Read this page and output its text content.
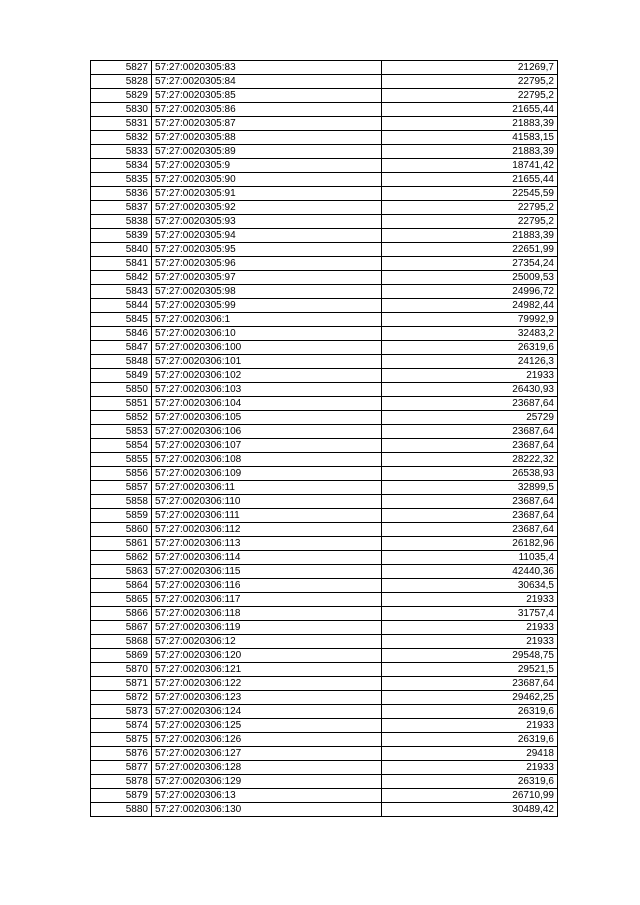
5827	57:27:0020305:83	21269,7
5828	57:27:0020305:84	22795,2
5829	57:27:0020305:85	22795,2
5830	57:27:0020305:86	21655,44
5831	57:27:0020305:87	21883,39
5832	57:27:0020305:88	41583,15
5833	57:27:0020305:89	21883,39
5834	57:27:0020305:9	18741,42
5835	57:27:0020305:90	21655,44
5836	57:27:0020305:91	22545,59
5837	57:27:0020305:92	22795,2
5838	57:27:0020305:93	22795,2
5839	57:27:0020305:94	21883,39
5840	57:27:0020305:95	22651,99
5841	57:27:0020305:96	27354,24
5842	57:27:0020305:97	25009,53
5843	57:27:0020305:98	24996,72
5844	57:27:0020305:99	24982,44
5845	57:27:0020306:1	79992,9
5846	57:27:0020306:10	32483,2
5847	57:27:0020306:100	26319,6
5848	57:27:0020306:101	24126,3
5849	57:27:0020306:102	21933
5850	57:27:0020306:103	26430,93
5851	57:27:0020306:104	23687,64
5852	57:27:0020306:105	25729
5853	57:27:0020306:106	23687,64
5854	57:27:0020306:107	23687,64
5855	57:27:0020306:108	28222,32
5856	57:27:0020306:109	26538,93
5857	57:27:0020306:11	32899,5
5858	57:27:0020306:110	23687,64
5859	57:27:0020306:111	23687,64
5860	57:27:0020306:112	23687,64
5861	57:27:0020306:113	26182,96
5862	57:27:0020306:114	11035,4
5863	57:27:0020306:115	42440,36
5864	57:27:0020306:116	30634,5
5865	57:27:0020306:117	21933
5866	57:27:0020306:118	31757,4
5867	57:27:0020306:119	21933
5868	57:27:0020306:12	21933
5869	57:27:0020306:120	29548,75
5870	57:27:0020306:121	29521,5
5871	57:27:0020306:122	23687,64
5872	57:27:0020306:123	29462,25
5873	57:27:0020306:124	26319,6
5874	57:27:0020306:125	21933
5875	57:27:0020306:126	26319,6
5876	57:27:0020306:127	29418
5877	57:27:0020306:128	21933
5878	57:27:0020306:129	26319,6
5879	57:27:0020306:13	26710,99
5880	57:27:0020306:130	30489,42
